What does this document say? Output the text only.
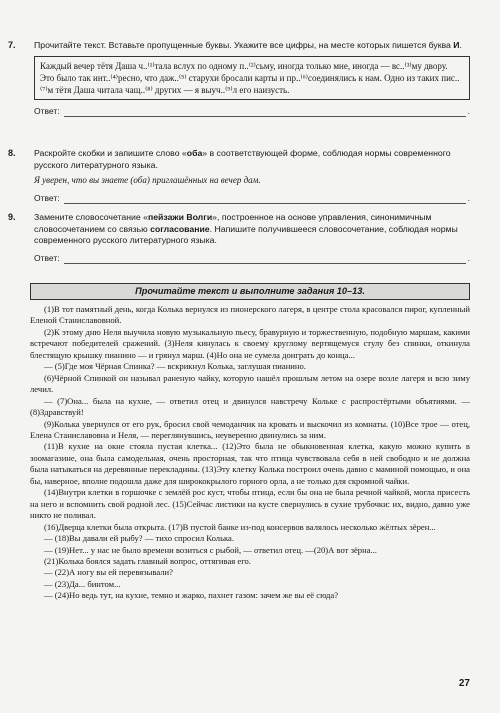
7. Прочитайте текст. Вставьте пропущенные буквы. Укажите все цифры, на месте которых пишется буква И.
Каждый вечер тётя Даша ч..⁽¹⁾тала вслух по одному п..⁽²⁾сьму, иногда только мне, иногда — вс..⁽³⁾му двору. Это было так инт..⁽⁴⁾ресно, что даж..⁽⁵⁾ старухи бросали карты и пр..⁽⁶⁾соединялись к нам. Одно из таких пис..⁽⁷⁾м тётя Даша читала чащ..⁽⁸⁾ других — я выуч..⁽⁹⁾л его наизусть.
Ответ:	.
8. Раскройте скобки и запишите слово «оба» в соответствующей форме, соблюдая нормы современного русского литературного языка.
Я уверен, что вы знаете (оба) приглашённых на вечер дам.
Ответ:	.
9. Замените словосочетание «пейзажи Волги», построенное на основе управления, синонимичным словосочетанием со связью согласование. Напишите получившееся словосочетание, соблюдая нормы современного русского литературного языка.
Ответ:	.
Прочитайте текст и выполните задания 10–13.

(1)В тот памятный день, когда Колька вернулся из пионерского лагеря, в центре стола красовался пирог, купленный Еленой Станиславовной.

(2)К этому дню Неля выучила новую музыкальную пьесу, бравурную и торжественную, подобную маршам, какими встречают победителей сражений. (3)Неля кинулась к своему круглому вертящемуся стулу без спинки, откинула блестящую крышку пианино — и грянул марш. (4)Но она не сумела доиграть до конца...

— (5)Где моя Чёрная Спинка? — вскрикнул Колька, заглушая пианино.

(6)Чёрной Спинкой он называл раненую чайку, которую нашёл прошлым летом на озере возле лагеря и всю зиму лечил.

— (7)Она... была на кухне, — ответил отец и двинулся навстречу Кольке с распростёртыми объятиями. — (8)Здравствуй!

(9)Колька увернулся от его рук, бросил свой чемоданчик на кровать и выскочил из комнаты. (10)Все трое — отец, Елена Станиславовна и Неля, — переглянувшись, неуверенно двинулись за ним.

(11)В кухне на окне стояла пустая клетка... (12)Это была не обыкновенная клетка, какую можно купить в зоомагазине, она была самодельная, очень просторная, так что птица чувствовала себя в ней свободно и не должна была натыкаться на деревянные перекладины. (13)Эту клетку Колька построил очень давно с маминой помощью, и она бы, наверное, вполне подошла даже для ширококрылого горного орла, а не только для скромной чайки.

(14)Внутри клетки в горшочке с землёй рос куст, чтобы птица, если бы она не была речной чайкой, могла присесть на него и вспомнить свой родной лес. (15)Сейчас листики на кусте свернулись в сухие трубочки: их, видно, давно уже никто не поливал.

(16)Дверца клетки была открыта. (17)В пустой банке из-под консервов валялось несколько жёлтых зёрен...

— (18)Вы давали ей рыбу? — тихо спросил Колька.

— (19)Нет... у нас не было времени возиться с рыбой, — ответил отец. —(20)А вот зёрна...

(21)Колька боялся задать главный вопрос, оттягивая его.

— (22)А ногу вы ей перевязывали?

— (23)Да... бинтом...

— (24)Но ведь тут, на кухне, темно и жарко, пахнет газом: зачем же вы её сюда?

27
